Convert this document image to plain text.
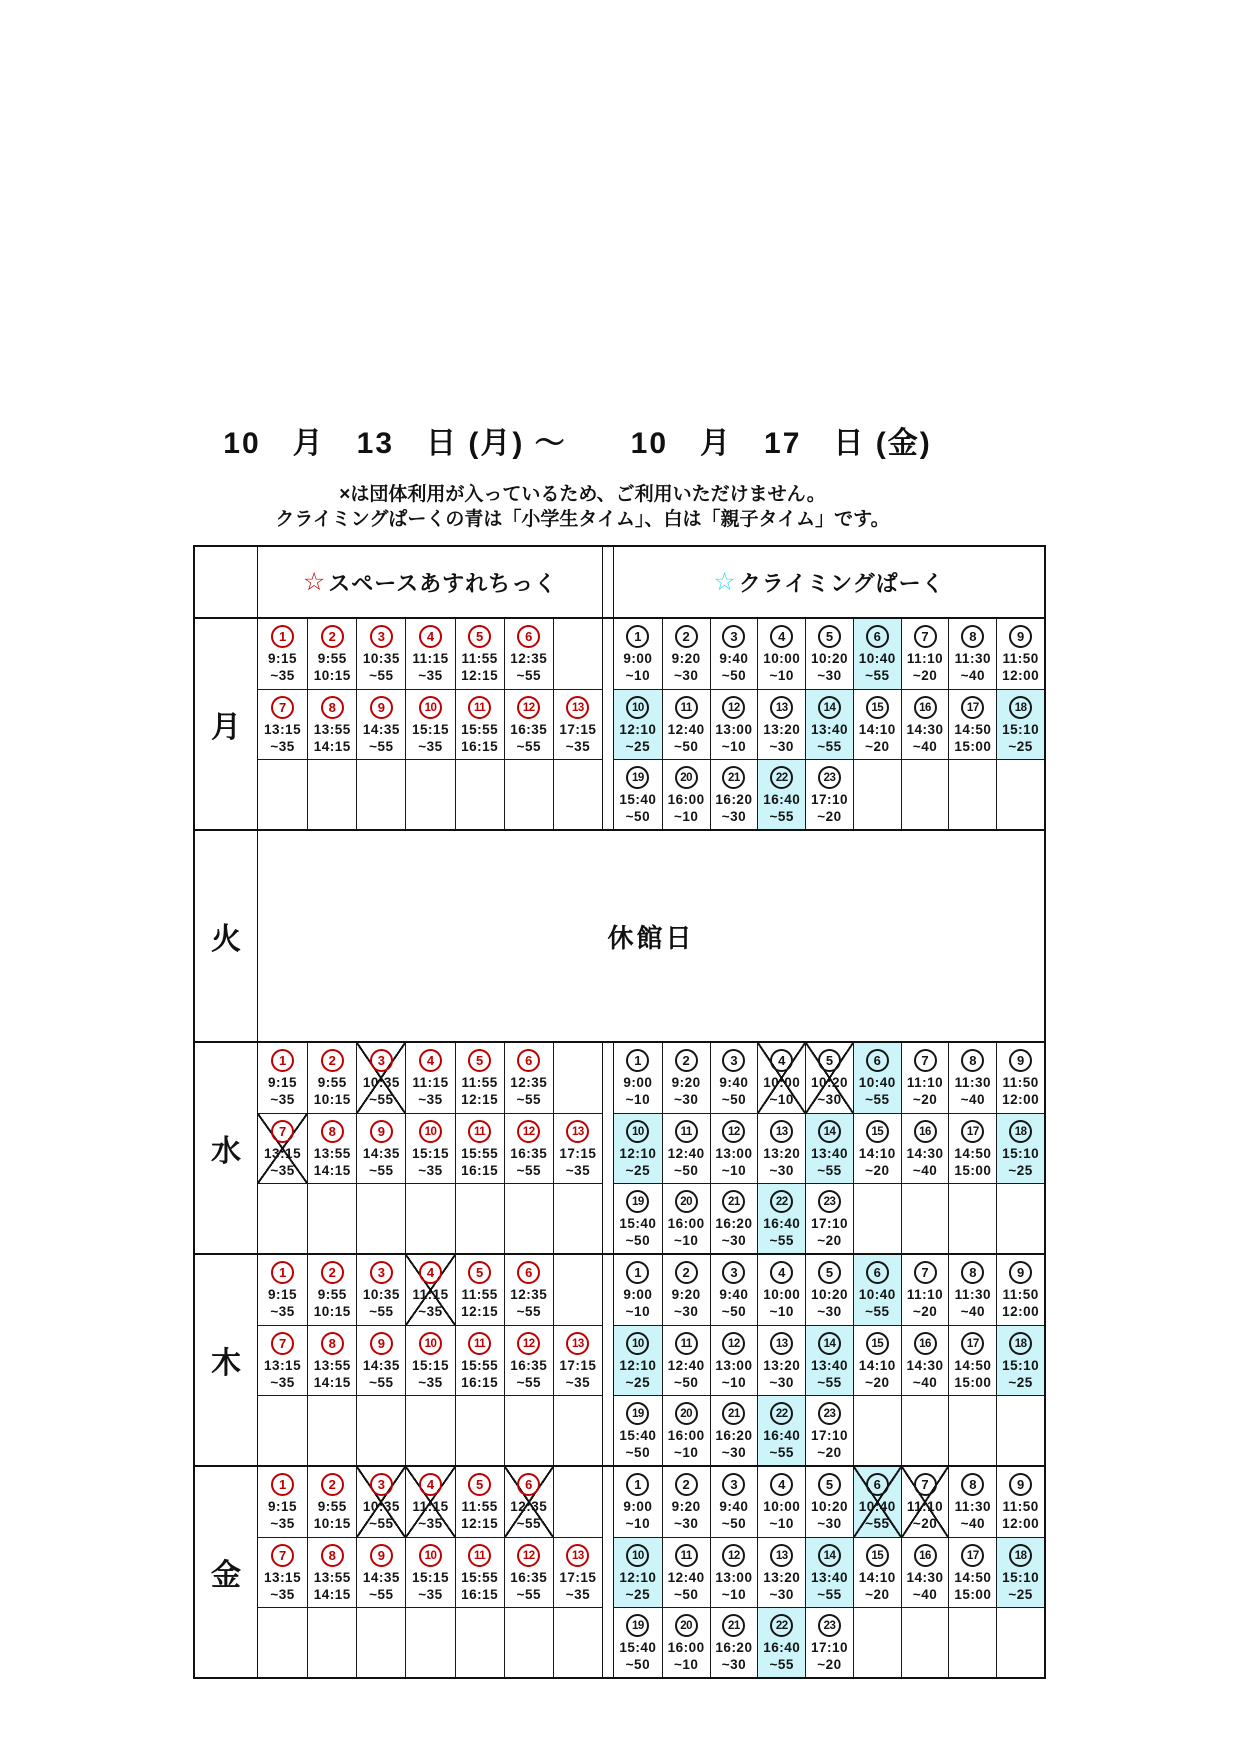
10　月　13　日 (月) ～　　10　月　17　日 (金)
×は団体利用が入っているため、ご利用いただけません。
クライミングぱーくの青は「小学生タイム」、白は「親子タイム」です。
☆ スペースあすれちっく	☆ クライミングぱーく
月
1
9:15
~35
2
9:55
10:15
3
10:35
~55
4
11:15
~35
5
11:55
12:15
6
12:35
~55
7
13:15
~35
8
13:55
14:15
9
14:35
~55
10
15:15
~35
11
15:55
16:15
12
16:35
~55
13
17:15
~35
1
9:00
~10
2
9:20
~30
3
9:40
~50
4
10:00
~10
5
10:20
~30
6
10:40
~55
7
11:10
~20
8
11:30
~40
9
11:50
12:00
10
12:10
~25
11
12:40
~50
12
13:00
~10
13
13:20
~30
14
13:40
~55
15
14:10
~20
16
14:30
~40
17
14:50
15:00
18
15:10
~25
19
15:40
~50
20
16:00
~10
21
16:20
~30
22
16:40
~55
23
17:10
~20
火	休館日
水
1
9:15
~35
2
9:55
10:15
3
10:35
~55
4
11:15
~35
5
11:55
12:15
6
12:35
~55
7
13:15
~35
8
13:55
14:15
9
14:35
~55
10
15:15
~35
11
15:55
16:15
12
16:35
~55
13
17:15
~35
1
9:00
~10
2
9:20
~30
3
9:40
~50
4
10:00
~10
5
10:20
~30
6
10:40
~55
7
11:10
~20
8
11:30
~40
9
11:50
12:00
10
12:10
~25
11
12:40
~50
12
13:00
~10
13
13:20
~30
14
13:40
~55
15
14:10
~20
16
14:30
~40
17
14:50
15:00
18
15:10
~25
19
15:40
~50
20
16:00
~10
21
16:20
~30
22
16:40
~55
23
17:10
~20
木
1
9:15
~35
2
9:55
10:15
3
10:35
~55
4
11:15
~35
5
11:55
12:15
6
12:35
~55
7
13:15
~35
8
13:55
14:15
9
14:35
~55
10
15:15
~35
11
15:55
16:15
12
16:35
~55
13
17:15
~35
1
9:00
~10
2
9:20
~30
3
9:40
~50
4
10:00
~10
5
10:20
~30
6
10:40
~55
7
11:10
~20
8
11:30
~40
9
11:50
12:00
10
12:10
~25
11
12:40
~50
12
13:00
~10
13
13:20
~30
14
13:40
~55
15
14:10
~20
16
14:30
~40
17
14:50
15:00
18
15:10
~25
19
15:40
~50
20
16:00
~10
21
16:20
~30
22
16:40
~55
23
17:10
~20
金
1
9:15
~35
2
9:55
10:15
3
10:35
~55
4
11:15
~35
5
11:55
12:15
6
12:35
~55
7
13:15
~35
8
13:55
14:15
9
14:35
~55
10
15:15
~35
11
15:55
16:15
12
16:35
~55
13
17:15
~35
1
9:00
~10
2
9:20
~30
3
9:40
~50
4
10:00
~10
5
10:20
~30
6
10:40
~55
7
11:10
~20
8
11:30
~40
9
11:50
12:00
10
12:10
~25
11
12:40
~50
12
13:00
~10
13
13:20
~30
14
13:40
~55
15
14:10
~20
16
14:30
~40
17
14:50
15:00
18
15:10
~25
19
15:40
~50
20
16:00
~10
21
16:20
~30
22
16:40
~55
23
17:10
~20
